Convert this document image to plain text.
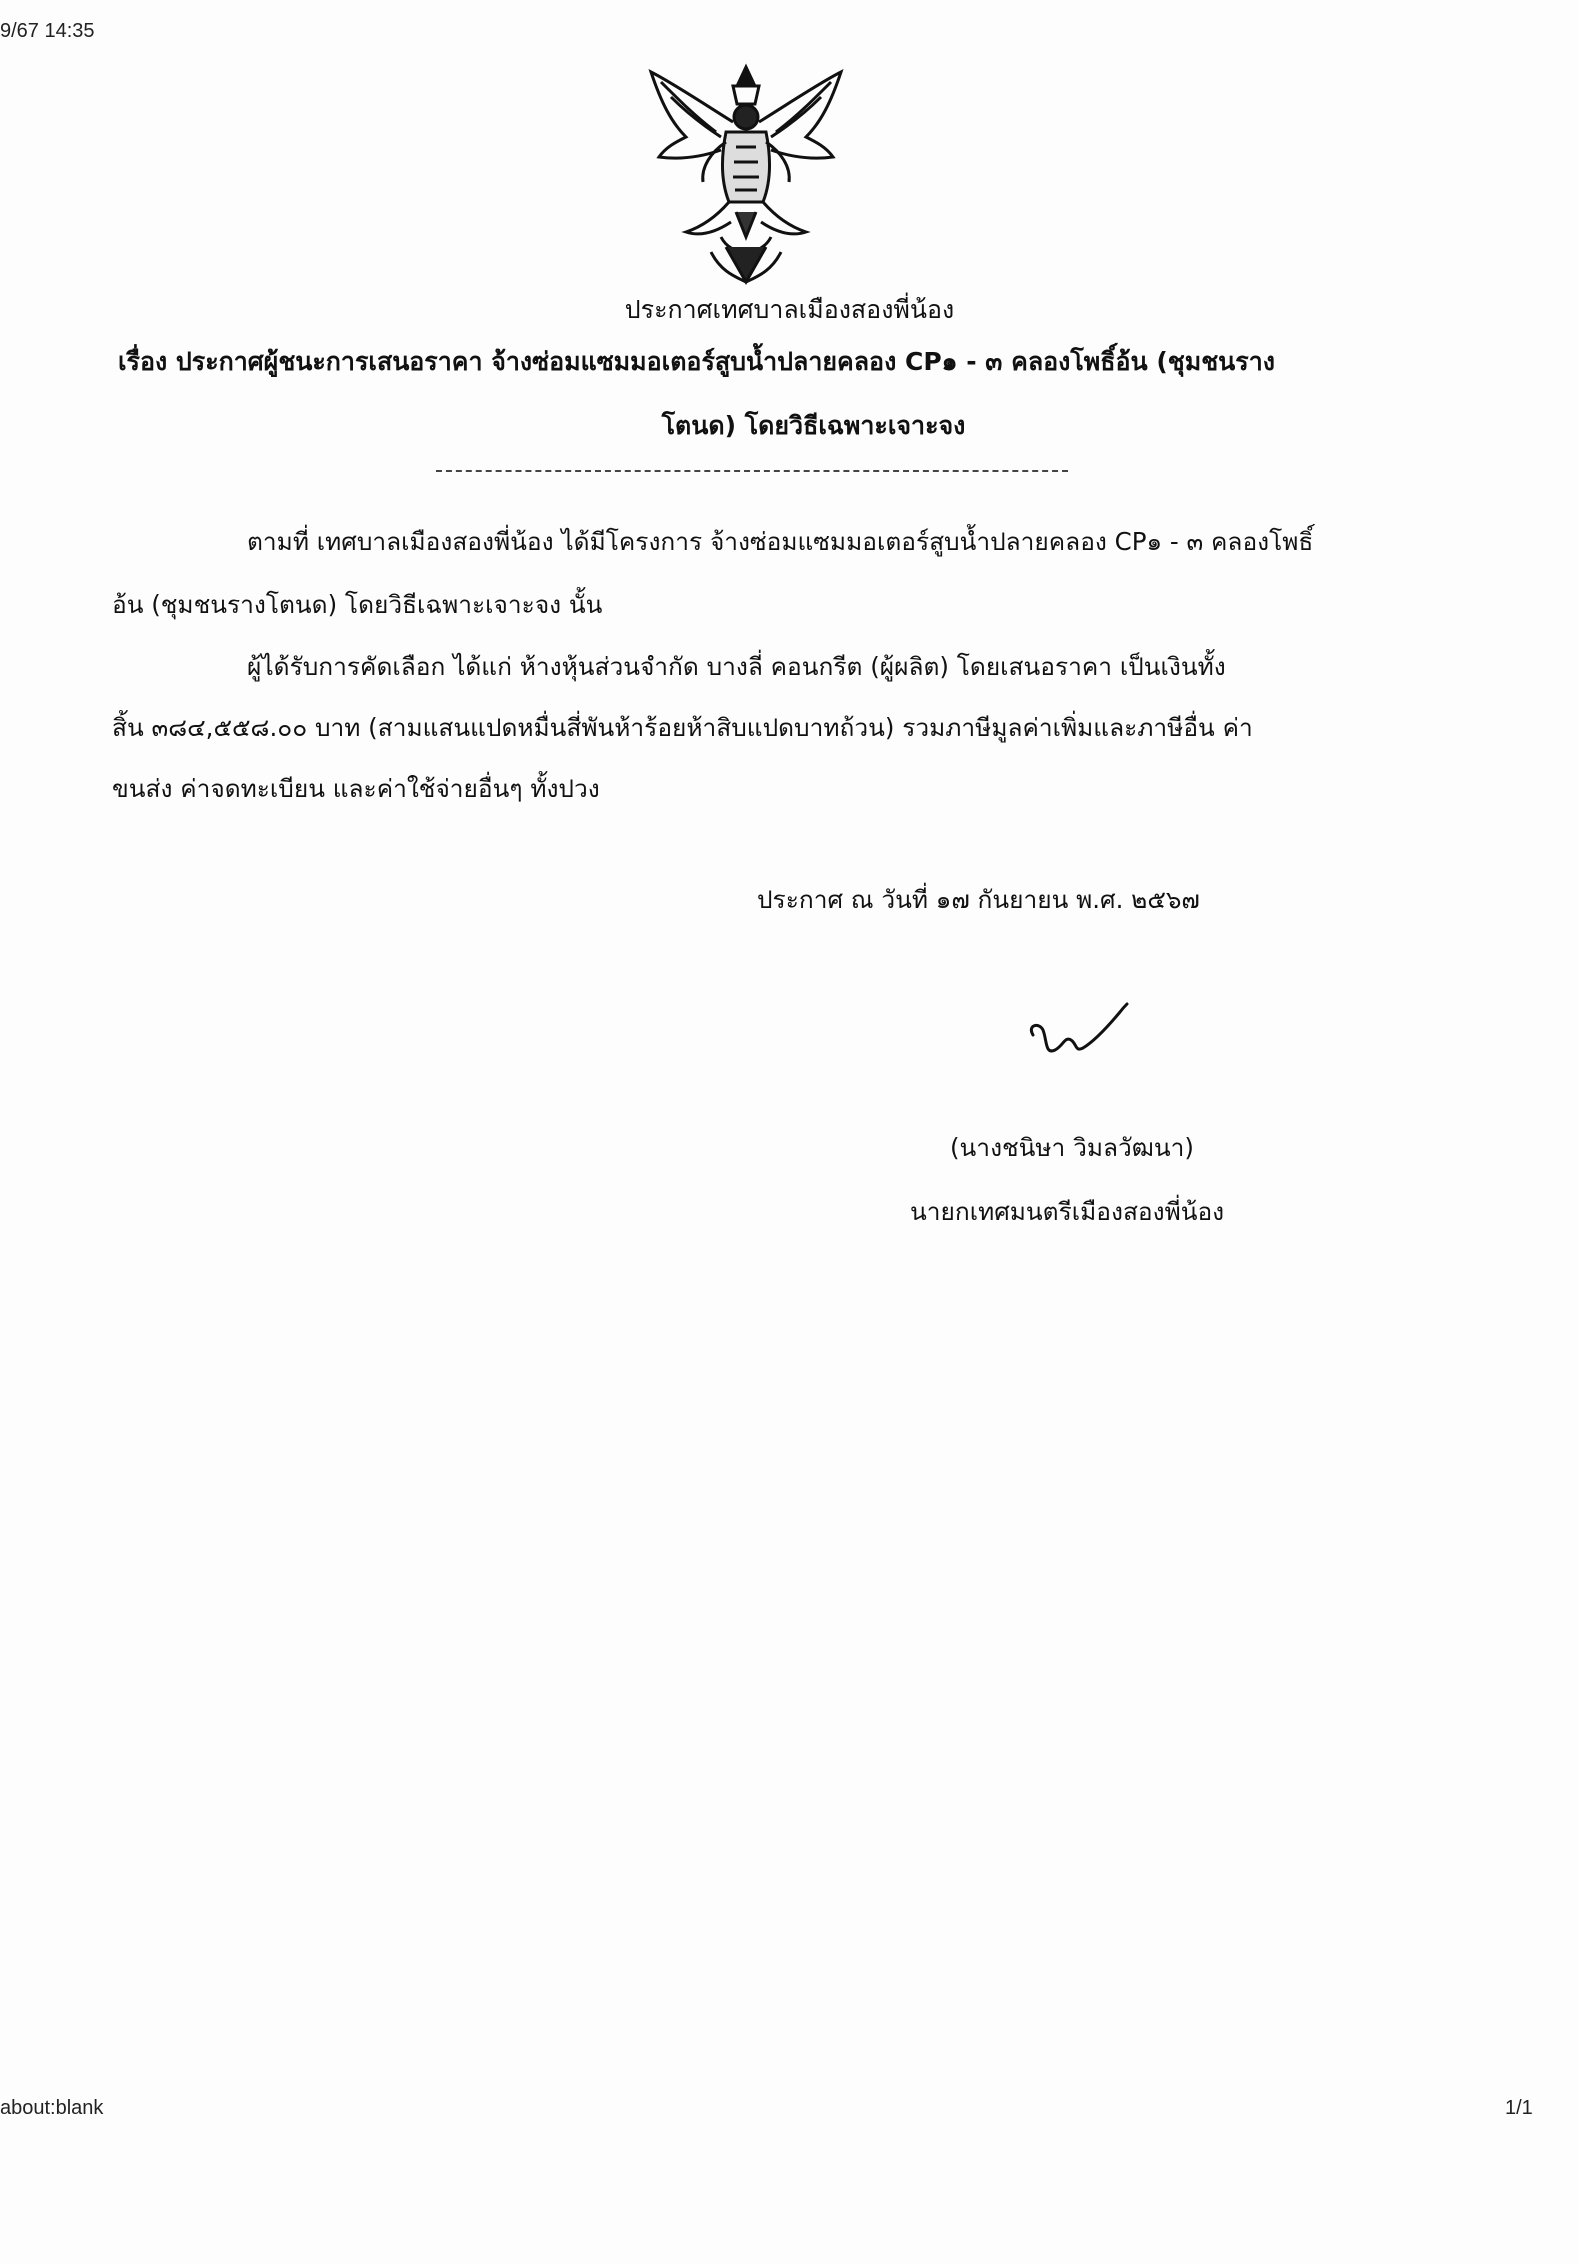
9/67 14:35
ประกาศเทศบาลเมืองสองพี่น้อง
เรื่อง ประกาศผู้ชนะการเสนอราคา จ้างซ่อมแซมมอเตอร์สูบน้ำปลายคลอง CP๑ - ๓ คลองโพธิ์อ้น (ชุมชนราง
โตนด) โดยวิธีเฉพาะเจาะจง
ตามที่ เทศบาลเมืองสองพี่น้อง ได้มีโครงการ จ้างซ่อมแซมมอเตอร์สูบน้ำปลายคลอง CP๑ - ๓ คลองโพธิ์
อ้น (ชุมชนรางโตนด) โดยวิธีเฉพาะเจาะจง นั้น
ผู้ได้รับการคัดเลือก ได้แก่ ห้างหุ้นส่วนจำกัด บางลี่ คอนกรีต (ผู้ผลิต) โดยเสนอราคา เป็นเงินทั้ง
สิ้น ๓๘๔,๕๕๘.๐๐ บาท (สามแสนแปดหมื่นสี่พันห้าร้อยห้าสิบแปดบาทถ้วน) รวมภาษีมูลค่าเพิ่มและภาษีอื่น ค่า
ขนส่ง ค่าจดทะเบียน และค่าใช้จ่ายอื่นๆ ทั้งปวง
ประกาศ ณ วันที่ ๑๗ กันยายน พ.ศ. ๒๕๖๗
(นางชนิษา วิมลวัฒนา)
นายกเทศมนตรีเมืองสองพี่น้อง
about:blank	1/1
